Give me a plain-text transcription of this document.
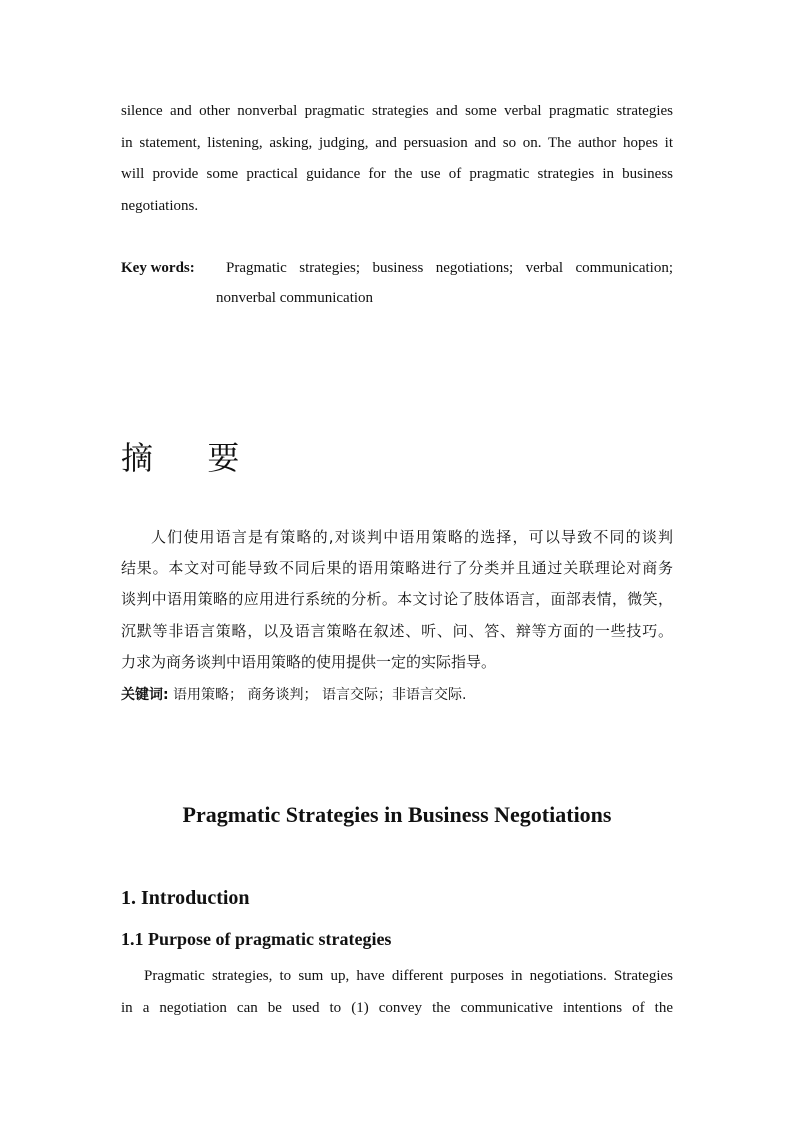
silence and other nonverbal pragmatic strategies and some verbal pragmatic strategies
in statement, listening, asking, judging, and persuasion and so on. The author hopes it
will provide some practical guidance for the use of pragmatic strategies in business
negotiations.
Key words: Pragmatic strategies; business negotiations; verbal communication;
nonverbal communication
摘 要
人们使用语言是有策略的,对谈判中语用策略的选择，可以导致不同的谈判
结果。本文对可能导致不同后果的语用策略进行了分类并且通过关联理论对商务
谈判中语用策略的应用进行系统的分析。本文讨论了肢体语言，面部表情，微笑，
沉默等非语言策略，以及语言策略在叙述、听、问、答、辩等方面的一些技巧。
力求为商务谈判中语用策略的使用提供一定的实际指导。
关键词: 语用策略； 商务谈判； 语言交际；非语言交际.
Pragmatic Strategies in Business Negotiations
1. Introduction
1.1 Purpose of pragmatic strategies
Pragmatic strategies, to sum up, have different purposes in negotiations. Strategies
in a negotiation can be used to (1) convey the communicative intentions of the
